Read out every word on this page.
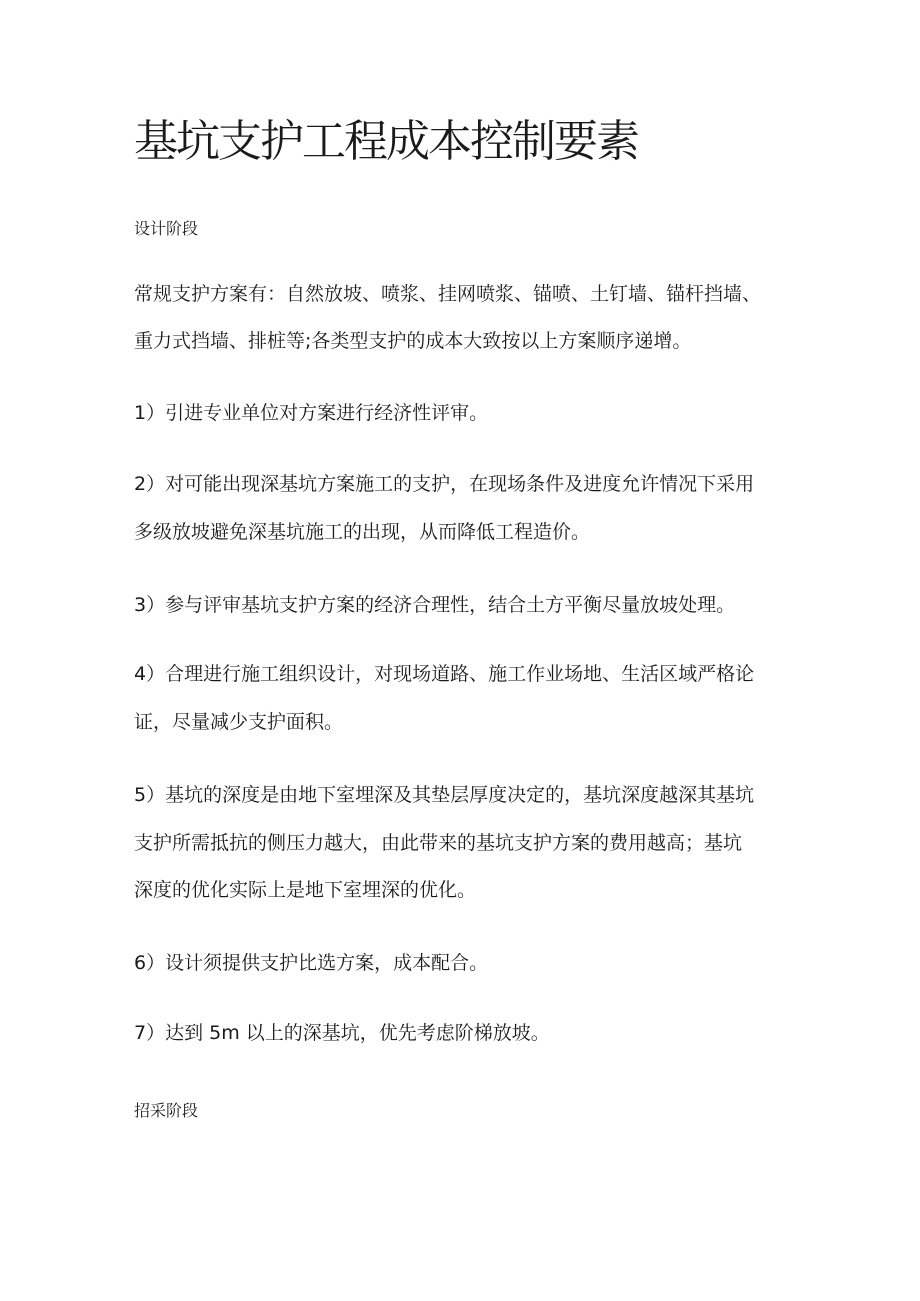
基坑支护工程成本控制要素
设计阶段
常规支护方案有：自然放坡、喷浆、挂网喷浆、锚喷、土钉墙、锚杆挡墙、
重力式挡墙、排桩等;各类型支护的成本大致按以上方案顺序递增。
1）引进专业单位对方案进行经济性评审。
2）对可能出现深基坑方案施工的支护，在现场条件及进度允许情况下采用
多级放坡避免深基坑施工的出现，从而降低工程造价。
3）参与评审基坑支护方案的经济合理性，结合土方平衡尽量放坡处理。
4）合理进行施工组织设计，对现场道路、施工作业场地、生活区域严格论
证，尽量减少支护面积。
5）基坑的深度是由地下室埋深及其垫层厚度决定的，基坑深度越深其基坑
支护所需抵抗的侧压力越大，由此带来的基坑支护方案的费用越高；基坑
深度的优化实际上是地下室埋深的优化。
6）设计须提供支护比选方案，成本配合。
7）达到 5m 以上的深基坑，优先考虑阶梯放坡。
招采阶段
